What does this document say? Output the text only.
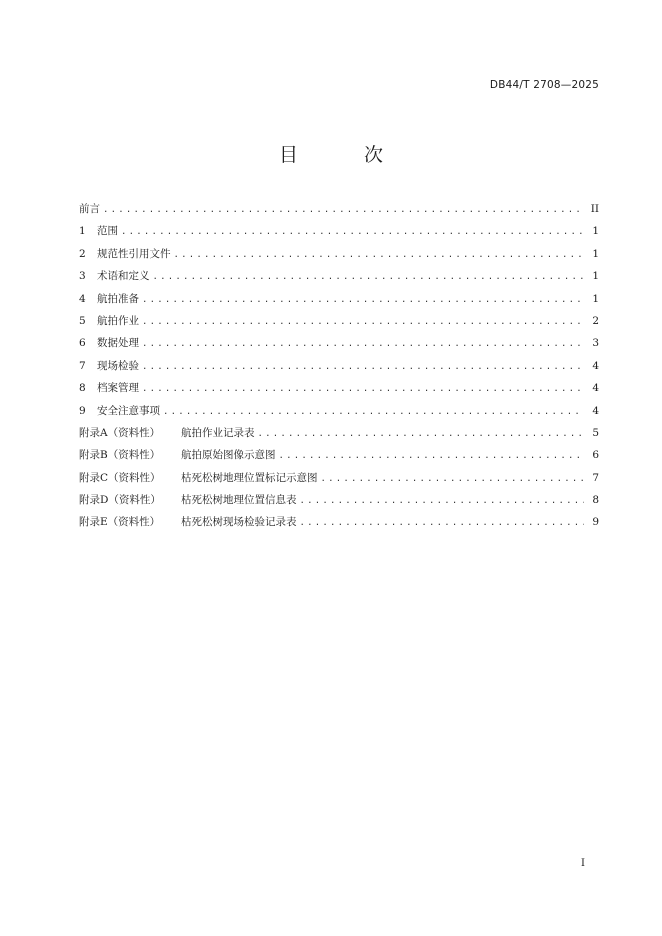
DB44/T 2708—2025
目 次
前言 .....	II
1	范围 .....	1
2	规范性引用文件 .....	1
3	术语和定义 .....	1
4	航拍准备 .....	1
5	航拍作业 .....	2
6	数据处理 .....	3
7	现场检验 .....	4
8	档案管理 .....	4
9	安全注意事项 .....	4
附录A（资料性）	航拍作业记录表 .....	5
附录B（资料性）	航拍原始图像示意图 .....	6
附录C（资料性）	枯死松树地理位置标记示意图 .....	7
附录D（资料性）	枯死松树地理位置信息表 .....	8
附录E（资料性）	枯死松树现场检验记录表 .....	9
I
